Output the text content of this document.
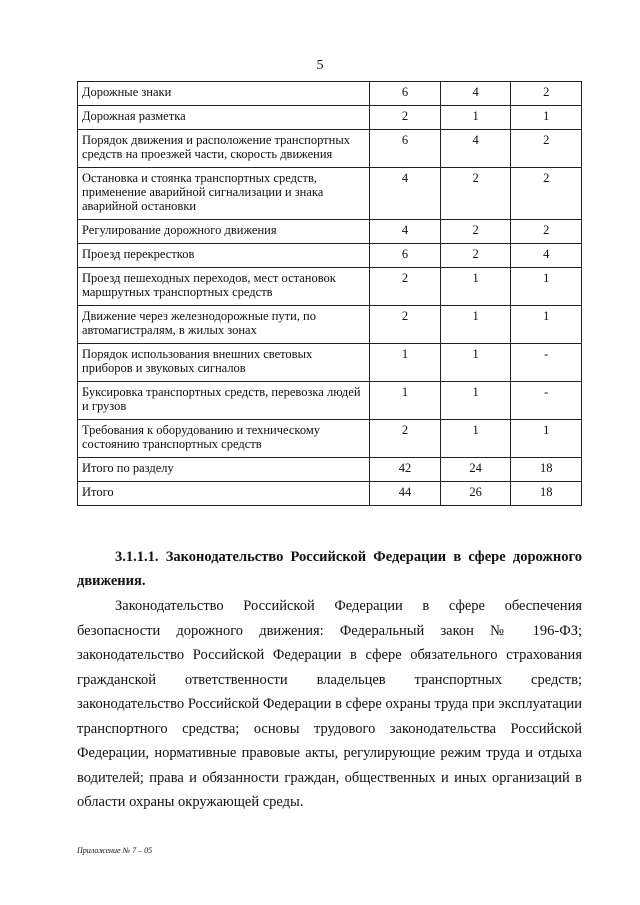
5
Дорожные знаки	6	4	2
Дорожная разметка	2	1	1
Порядок движения и расположение транспортных средств на проезжей части, скорость движения	6	4	2
Остановка и стоянка транспортных средств, применение аварийной сигнализации и знака аварийной остановки	4	2	2
Регулирование дорожного движения	4	2	2
Проезд перекрестков	6	2	4
Проезд пешеходных переходов, мест остановок маршрутных транспортных средств	2	1	1
Движение через железнодорожные пути, по автомагистралям, в жилых зонах	2	1	1
Порядок использования внешних световых приборов и звуковых сигналов	1	1	-
Буксировка транспортных средств, перевозка людей и грузов	1	1	-
Требования к оборудованию и техническому состоянию транспортных средств	2	1	1
Итого по разделу	42	24	18
Итого	44	26	18
3.1.1.1. Законодательство Российской Федерации в сфере дорожного движения.
Законодательство Российской Федерации в сфере обеспечения безопасности дорожного движения: Федеральный закон № 196-ФЗ; законодательство Российской Федерации в сфере обязательного страхования гражданской ответственности владельцев транспортных средств; законодательство Российской Федерации в сфере охраны труда при эксплуатации транспортного средства; основы трудового законодательства Российской Федерации, нормативные правовые акты, регулирующие режим труда и отдыха водителей; права и обязанности граждан, общественных и иных организаций в области охраны окружающей среды.
Приложение № 7 – 05
